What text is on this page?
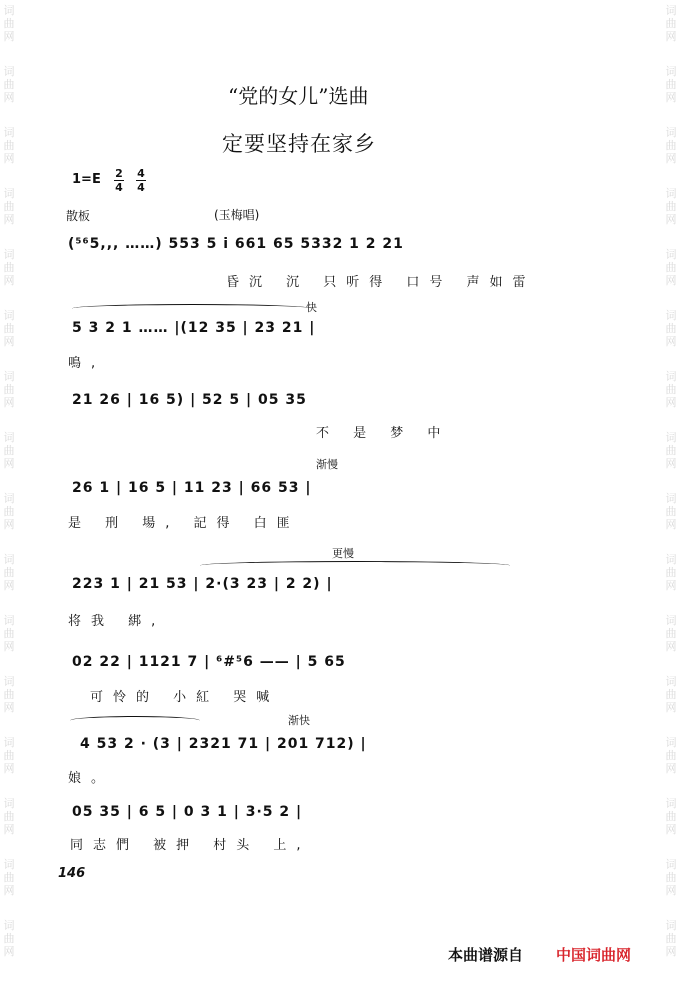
词
曲
网
词
曲
网
词
曲
网
词
曲
网
词
曲
网
词
曲
网
词
曲
网
词
曲
网
词
曲
网
词
曲
网
词
曲
网
词
曲
网
词
曲
网
词
曲
网
词
曲
网
词
曲
网
词
曲
网
词
曲
网
词
曲
网
词
曲
网
词
曲
网
词
曲
网
词
曲
网
词
曲
网
词
曲
网
词
曲
网
词
曲
网
词
曲
网
词
曲
网
词
曲
网
词
曲
网
词
曲
网
“党的女儿”选曲
定要坚持在家乡
1=E 2
4
4
4
散板	(玉梅唱)
(⁵⁶5,,, ……) 553 5 i 661 65 5332 1 2 21
昏沉 沉 只听得 口号 声如雷
快
5 3 2 1 …… |(12 35 | 23 21 |
鳴,
21 26 | 16 5) | 52 5 | 05 35
不 是 梦 中
渐慢
26 1 | 16 5 | 11 23 | 66 53 |
是 刑 場, 記得 白匪
更慢
223 1 | 21 53 | 2·(3 23 | 2 2) |
将我 綁,
02 22 | 1121 7 | ⁶#⁵6 —— | 5 65
可怜的 小紅 哭喊
渐快
4 53 2 · (3 | 2321 71 | 201 712) |
娘。
05 35 | 6 5 | 0 3 1 | 3·5 2 |
同志們 被押 村头 上,
146
本曲谱源自 中国词曲网
